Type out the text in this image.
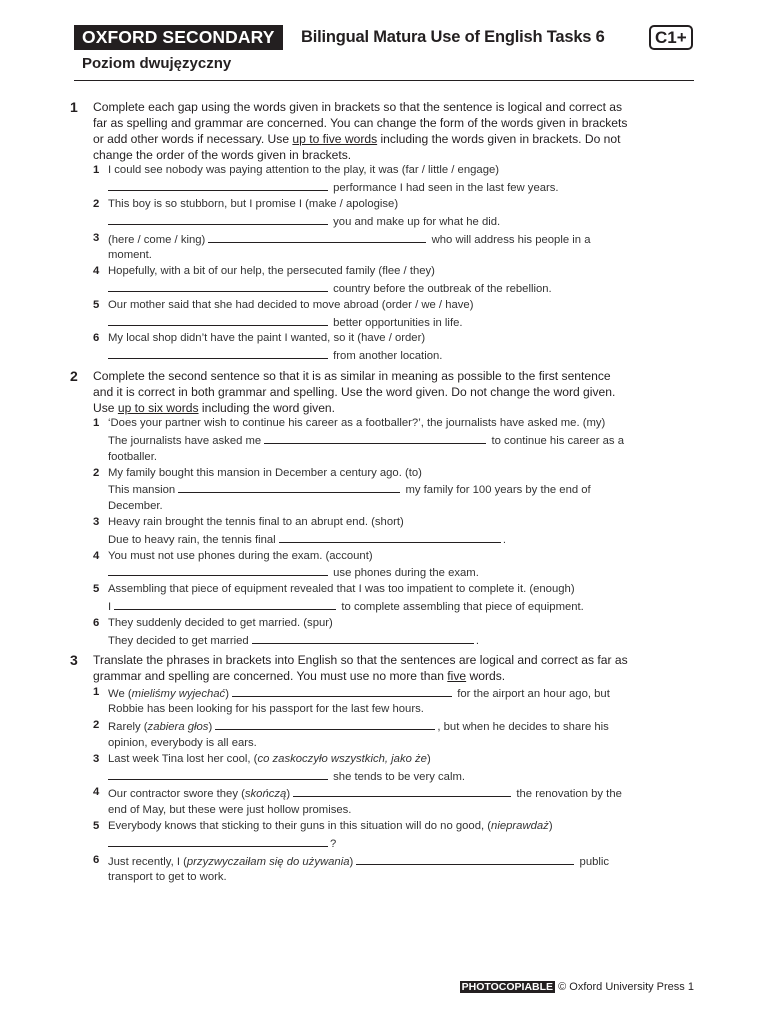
OXFORD SECONDARY	Bilingual Matura Use of English Tasks 6	C1+
Poziom dwujęzyczny
1 Complete each gap using the words given in brackets so that the sentence is logical and correct as far as spelling and grammar are concerned. You can change the form of the words given in brackets or add other words if necessary. Use up to five words including the words given in brackets. Do not change the order of the words given in brackets.

1 I could see nobody was paying attention to the play, it was (far / little / engage)
performance I had seen in the last few years.
2 This boy is so stubborn, but I promise I (make / apologise)
you and make up for what he did.
3 (here / come / king)	who will address his people in a moment.
4 Hopefully, with a bit of our help, the persecuted family (flee / they)
country before the outbreak of the rebellion.
5 Our mother said that she had decided to move abroad (order / we / have)
better opportunities in life.
6 My local shop didn’t have the paint I wanted, so it (have / order)
from another location.
2 Complete the second sentence so that it is as similar in meaning as possible to the first sentence and it is correct in both grammar and spelling. Use the word given. Do not change the word given. Use up to six words including the word given.

1 ‘Does your partner wish to continue his career as a footballer?’, the journalists have asked me. (my)
The journalists have asked me	to continue his career as a footballer.
2 My family bought this mansion in December a century ago. (to)
This mansion	my family for 100 years by the end of December.
3 Heavy rain brought the tennis final to an abrupt end. (short)
Due to heavy rain, the tennis final	.
4 You must not use phones during the exam. (account)
use phones during the exam.
5 Assembling that piece of equipment revealed that I was too impatient to complete it. (enough)
I	to complete assembling that piece of equipment.
6 They suddenly decided to get married. (spur)
They decided to get married	.
3 Translate the phrases in brackets into English so that the sentences are logical and correct as far as grammar and spelling are concerned. You must use no more than five words.

1 We (mieliśmy wyjechać)	for the airport an hour ago, but Robbie has been looking for his passport for the last few hours.
2 Rarely (zabiera głos)	, but when he decides to share his opinion, everybody is all ears.
3 Last week Tina lost her cool, (co zaskoczyło wszystkich, jako że)
she tends to be very calm.
4 Our contractor swore they (skończą)	the renovation by the end of May, but these were just hollow promises.
5 Everybody knows that sticking to their guns in this situation will do no good, (nieprawdaż)
?
6 Just recently, I (przyzwyczaiłam się do używania)	public transport to get to work.
PHOTOCOPIABLE © Oxford University Press 1
